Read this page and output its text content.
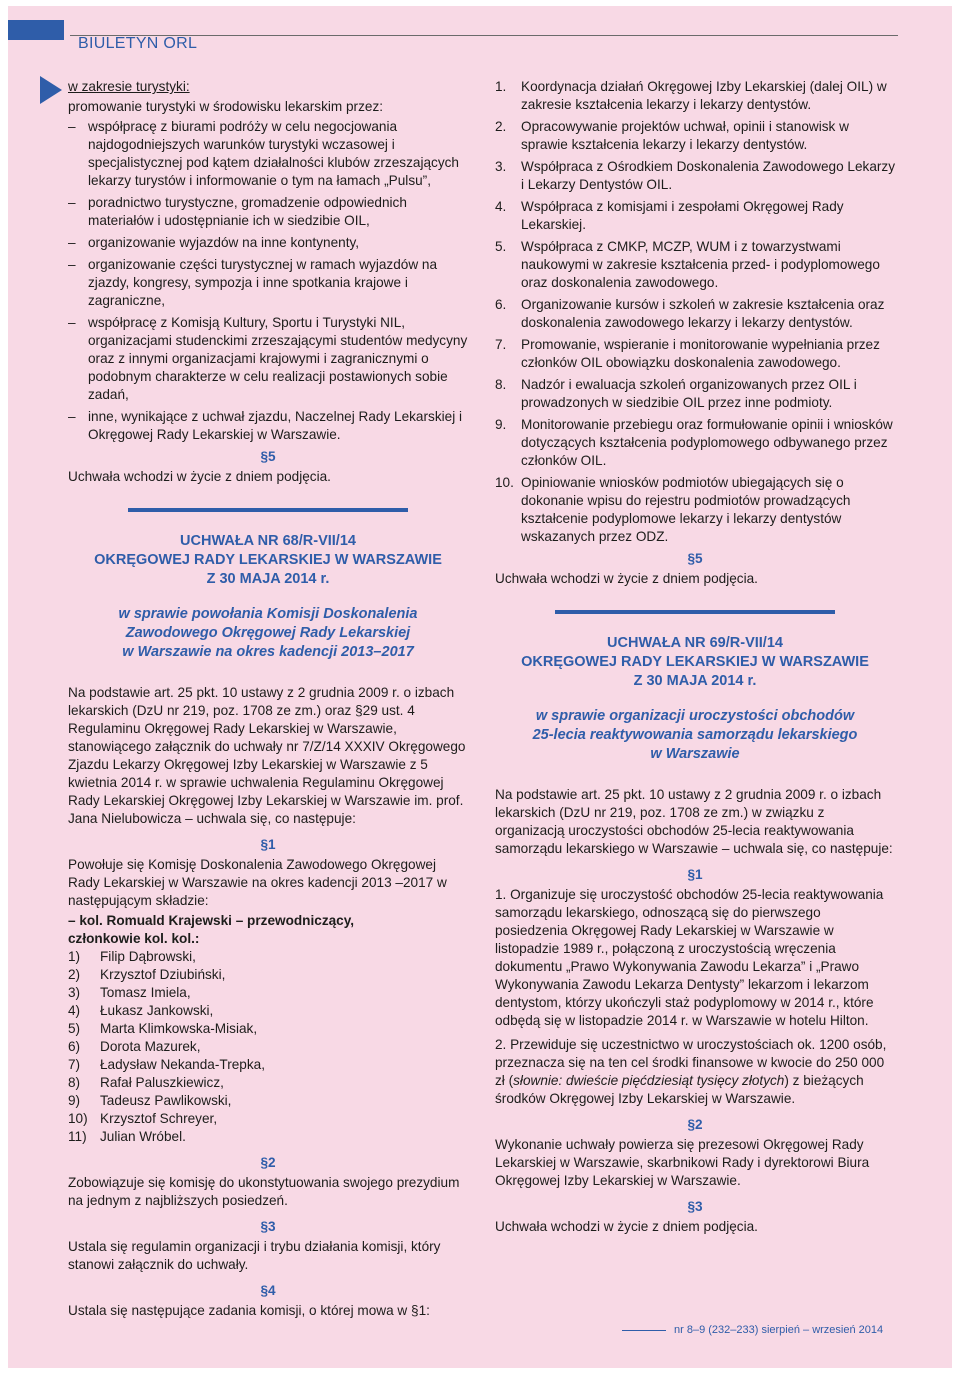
BIULETYN ORL

w zakresie turystyki:

promowanie turystyki w środowisku lekarskim przez:

– współpracę z biurami podróży w celu negocjowania najdogodniejszych warunków turystyki wczasowej i specjalistycznej pod kątem działalności klubów zrzeszających lekarzy turystów i informowanie o tym na łamach „Pulsu”,
– poradnictwo turystyczne, gromadzenie odpowiednich materiałów i udostępnianie ich w siedzibie OIL,
– organizowanie wyjazdów na inne kontynenty,
– organizowanie części turystycznej w ramach wyjazdów na zjazdy, kongresy, sympozja i inne spotkania krajowe i zagraniczne,
– współpracę z Komisją Kultury, Sportu i Turystyki NIL, organizacjami studenckimi zrzeszającymi studentów medycyny oraz z innymi organizacjami krajowymi i zagranicznymi o podobnym charakterze w celu realizacji postawionych sobie zadań,
– inne, wynikające z uchwał zjazdu, Naczelnej Rady Lekarskiej i Okręgowej Rady Lekarskiej w Warszawie.
§5

Uchwała wchodzi w życie z dniem podjęcia.

UCHWAŁA NR 68/R-VII/14
OKRĘGOWEJ RADY LEKARSKIEJ W WARSZAWIE
Z 30 MAJA 2014 r.
w sprawie powołania Komisji Doskonalenia
Zawodowego Okręgowej Rady Lekarskiej
w Warszawie na okres kadencji 2013–2017

Na podstawie art. 25 pkt. 10 ustawy z 2 grudnia 2009 r. o izbach lekarskich (DzU nr 219, poz. 1708 ze zm.) oraz §29 ust. 4 Regulaminu Okręgowej Rady Lekarskiej w Warszawie, stanowiącego załącznik do uchwały nr 7/Z/14 XXXIV Okręgowego Zjazdu Lekarzy Okręgowej Izby Lekarskiej w Warszawie z 5 kwietnia 2014 r. w sprawie uchwalenia Regulaminu Okręgowej Rady Lekarskiej Okręgowej Izby Lekarskiej w Warszawie im. prof. Jana Nielubowicza – uchwala się, co następuje:

§1

Powołuje się Komisję Doskonalenia Zawodowego Okręgowej Rady Lekarskiej w Warszawie na okres kadencji 2013 –2017 w następującym składzie:

– kol. Romuald Krajewski – przewodniczący,

członkowie kol. kol.:

1)	Filip Dąbrowski,
2)	Krzysztof Dziubiński,
3)	Tomasz Imiela,
4)	Łukasz Jankowski,
5)	Marta Klimkowska-Misiak,
6)	Dorota Mazurek,
7)	Ładysław Nekanda-Trepka,
8)	Rafał Paluszkiewicz,
9)	Tadeusz Pawlikowski,
10) Krzysztof Schreyer,
11) Julian Wróbel.
§2

Zobowiązuje się komisję do ukonstytuowania swojego prezydium na jednym z najbliższych posiedzeń.

§3

Ustala się regulamin organizacji i trybu działania komisji, który stanowi załącznik do uchwały.

§4

Ustala się następujące zadania komisji, o której mowa w §1:

1.	Koordynacja działań Okręgowej Izby Lekarskiej (dalej OIL) w zakresie kształcenia lekarzy i lekarzy dentystów.
2.	Opracowywanie projektów uchwał, opinii i stanowisk w sprawie kształcenia lekarzy i lekarzy dentystów.
3.	Współpraca z Ośrodkiem Doskonalenia Zawodowego Lekarzy i Lekarzy Dentystów OIL.
4.	Współpraca z komisjami i zespołami Okręgowej Rady Lekarskiej.
5.	Współpraca z CMKP, MCZP, WUM i z towarzystwami naukowymi w zakresie kształcenia przed- i podyplomowego oraz doskonalenia zawodowego.
6.	Organizowanie kursów i szkoleń w zakresie kształcenia oraz doskonalenia zawodowego lekarzy i lekarzy dentystów.
7.	Promowanie, wspieranie i monitorowanie wypełniania przez członków OIL obowiązku doskonalenia zawodowego.
8.	Nadzór i ewaluacja szkoleń organizowanych przez OIL i prowadzonych w siedzibie OIL przez inne podmioty.
9.	Monitorowanie przebiegu oraz formułowanie opinii i wniosków dotyczących kształcenia podyplomowego odbywanego przez członków OIL.
10. Opiniowanie wniosków podmiotów ubiegających się o dokonanie wpisu do rejestru podmiotów prowadzących kształcenie podyplomowe lekarzy i lekarzy dentystów wskazanych przez ODZ.
§5

Uchwała wchodzi w życie z dniem podjęcia.

UCHWAŁA NR 69/R-VII/14
OKRĘGOWEJ RADY LEKARSKIEJ W WARSZAWIE
Z 30 MAJA 2014 r.
w sprawie organizacji uroczystości obchodów
25-lecia reaktywowania samorządu lekarskiego
w Warszawie

Na podstawie art. 25 pkt. 10 ustawy z 2 grudnia 2009 r. o izbach lekarskich (DzU nr 219, poz. 1708 ze zm.) w związku z organizacją uroczystości obchodów 25-lecia reaktywowania samorządu lekarskiego w Warszawie – uchwala się, co następuje:

§1

1. Organizuje się uroczystość obchodów 25-lecia reaktywowania samorządu lekarskiego, odnoszącą się do pierwszego posiedzenia Okręgowej Rady Lekarskiej w Warszawie w listopadzie 1989 r., połączoną z uroczystością wręczenia dokumentu „Prawo Wykonywania Zawodu Lekarza” i „Prawo Wykonywania Zawodu Lekarza Dentysty” lekarzom i lekarzom dentystom, którzy ukończyli staż podyplomowy w 2014 r., które odbędą się w listopadzie 2014 r. w Warszawie w hotelu Hilton.

2. Przewiduje się uczestnictwo w uroczystościach ok. 1200 osób, przeznacza się na ten cel środki finansowe w kwocie do 250 000 zł (słownie: dwieście pięćdziesiąt tysięcy złotych) z bieżących środków Okręgowej Izby Lekarskiej w Warszawie.

§2

Wykonanie uchwały powierza się prezesowi Okręgowej Rady Lekarskiej w Warszawie, skarbnikowi Rady i dyrektorowi Biura Okręgowej Izby Lekarskiej w Warszawie.

§3

Uchwała wchodzi w życie z dniem podjęcia.

nr 8–9 (232–233) sierpień – wrzesień 2014
